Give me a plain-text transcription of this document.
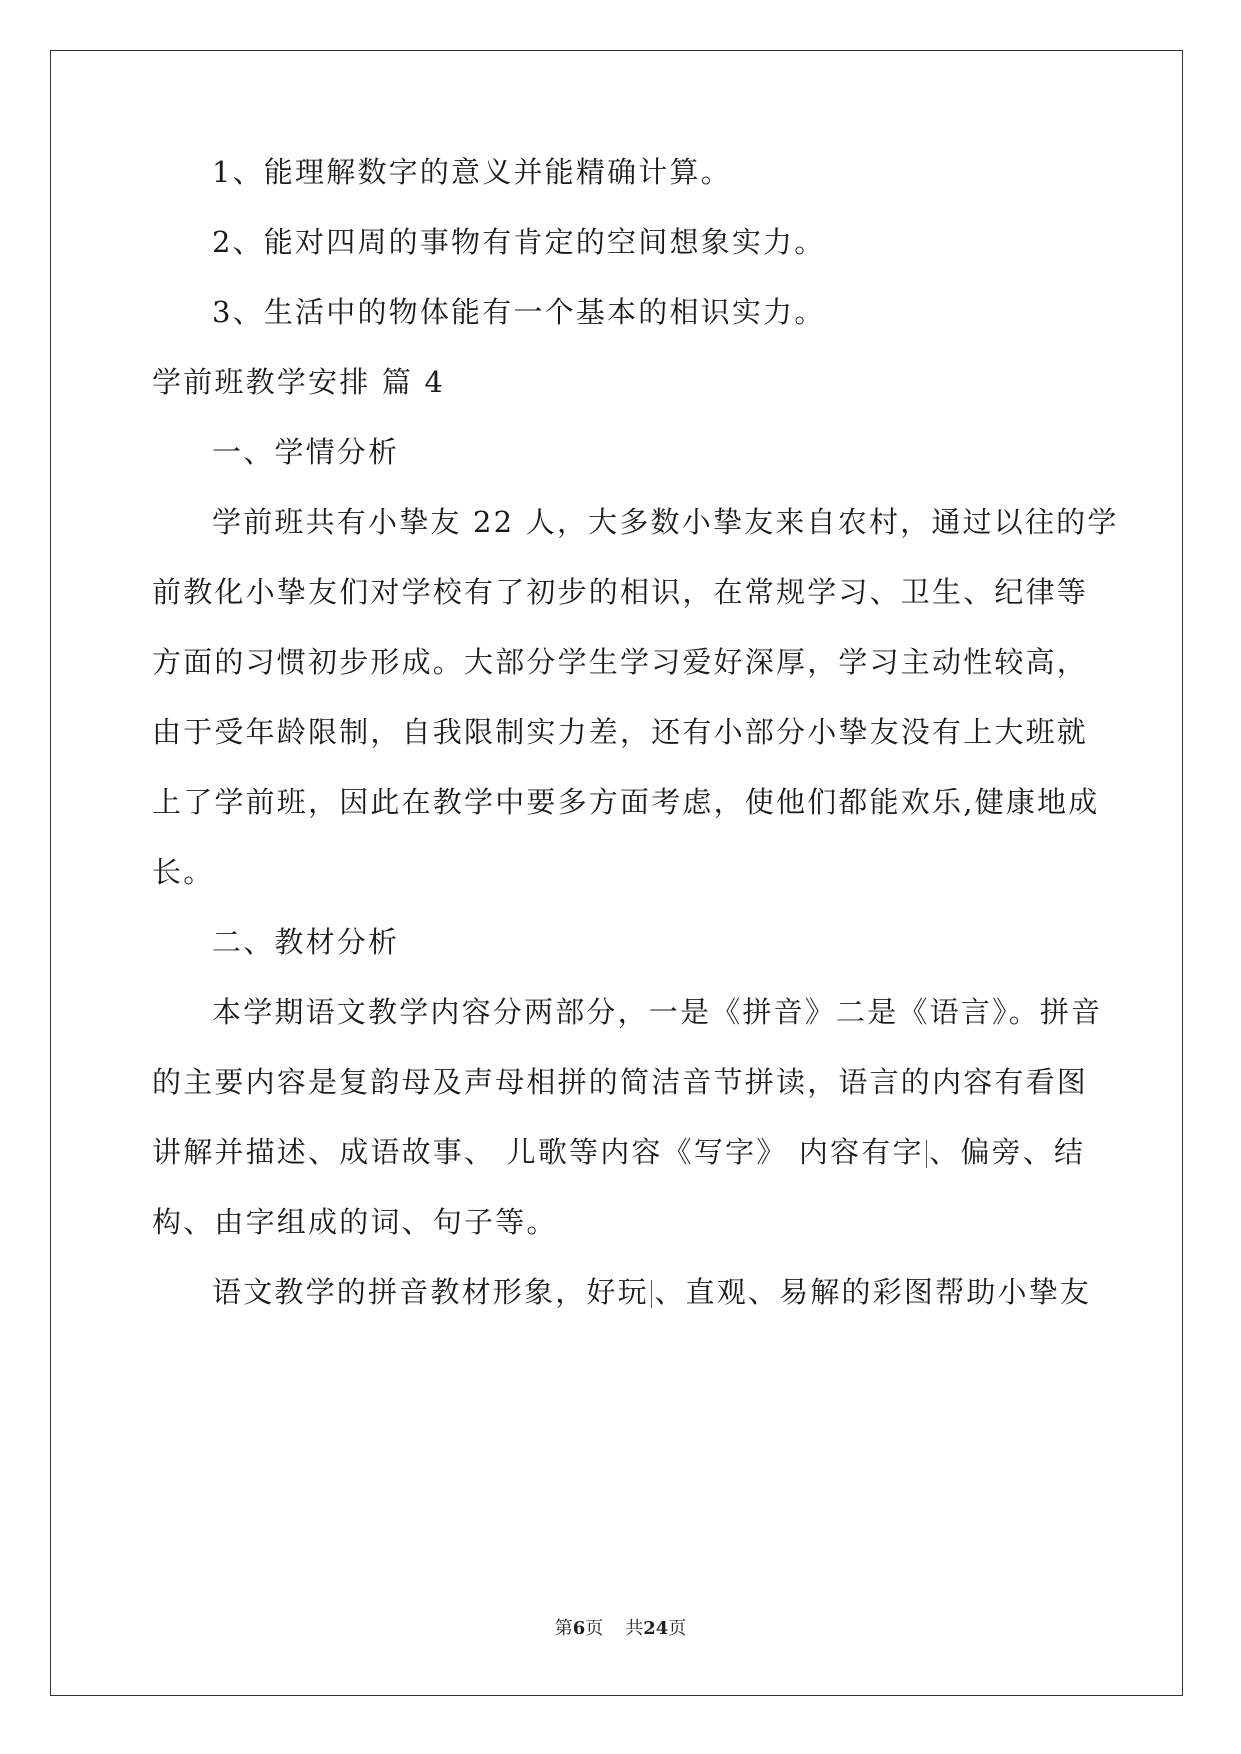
1、能理解数字的意义并能精确计算。
2、能对四周的事物有肯定的空间想象实力。
3、生活中的物体能有一个基本的相识实力。
学前班教学安排 篇 4
一、学情分析
学前班共有小挚友 22 人，大多数小挚友来自农村，通过以往的学
前教化小挚友们对学校有了初步的相识，在常规学习、卫生、纪律等
方面的习惯初步形成。大部分学生学习爱好深厚，学习主动性较高，
由于受年龄限制，自我限制实力差，还有小部分小挚友没有上大班就
上了学前班，因此在教学中要多方面考虑，使他们都能欢乐,健康地成
长。
二、教材分析
本学期语文教学内容分两部分，一是《拼音》二是《语言》。拼音
的主要内容是复韵母及声母相拼的简洁音节拼读，语言的内容有看图
讲解并描述、成语故事、 儿歌等内容《写字》 内容有字 、偏旁、结
构、由字组成的词、句子等。
语文教学的拼音教材形象，好玩 、直观、易解的彩图帮助小挚友
第6页 共24页
